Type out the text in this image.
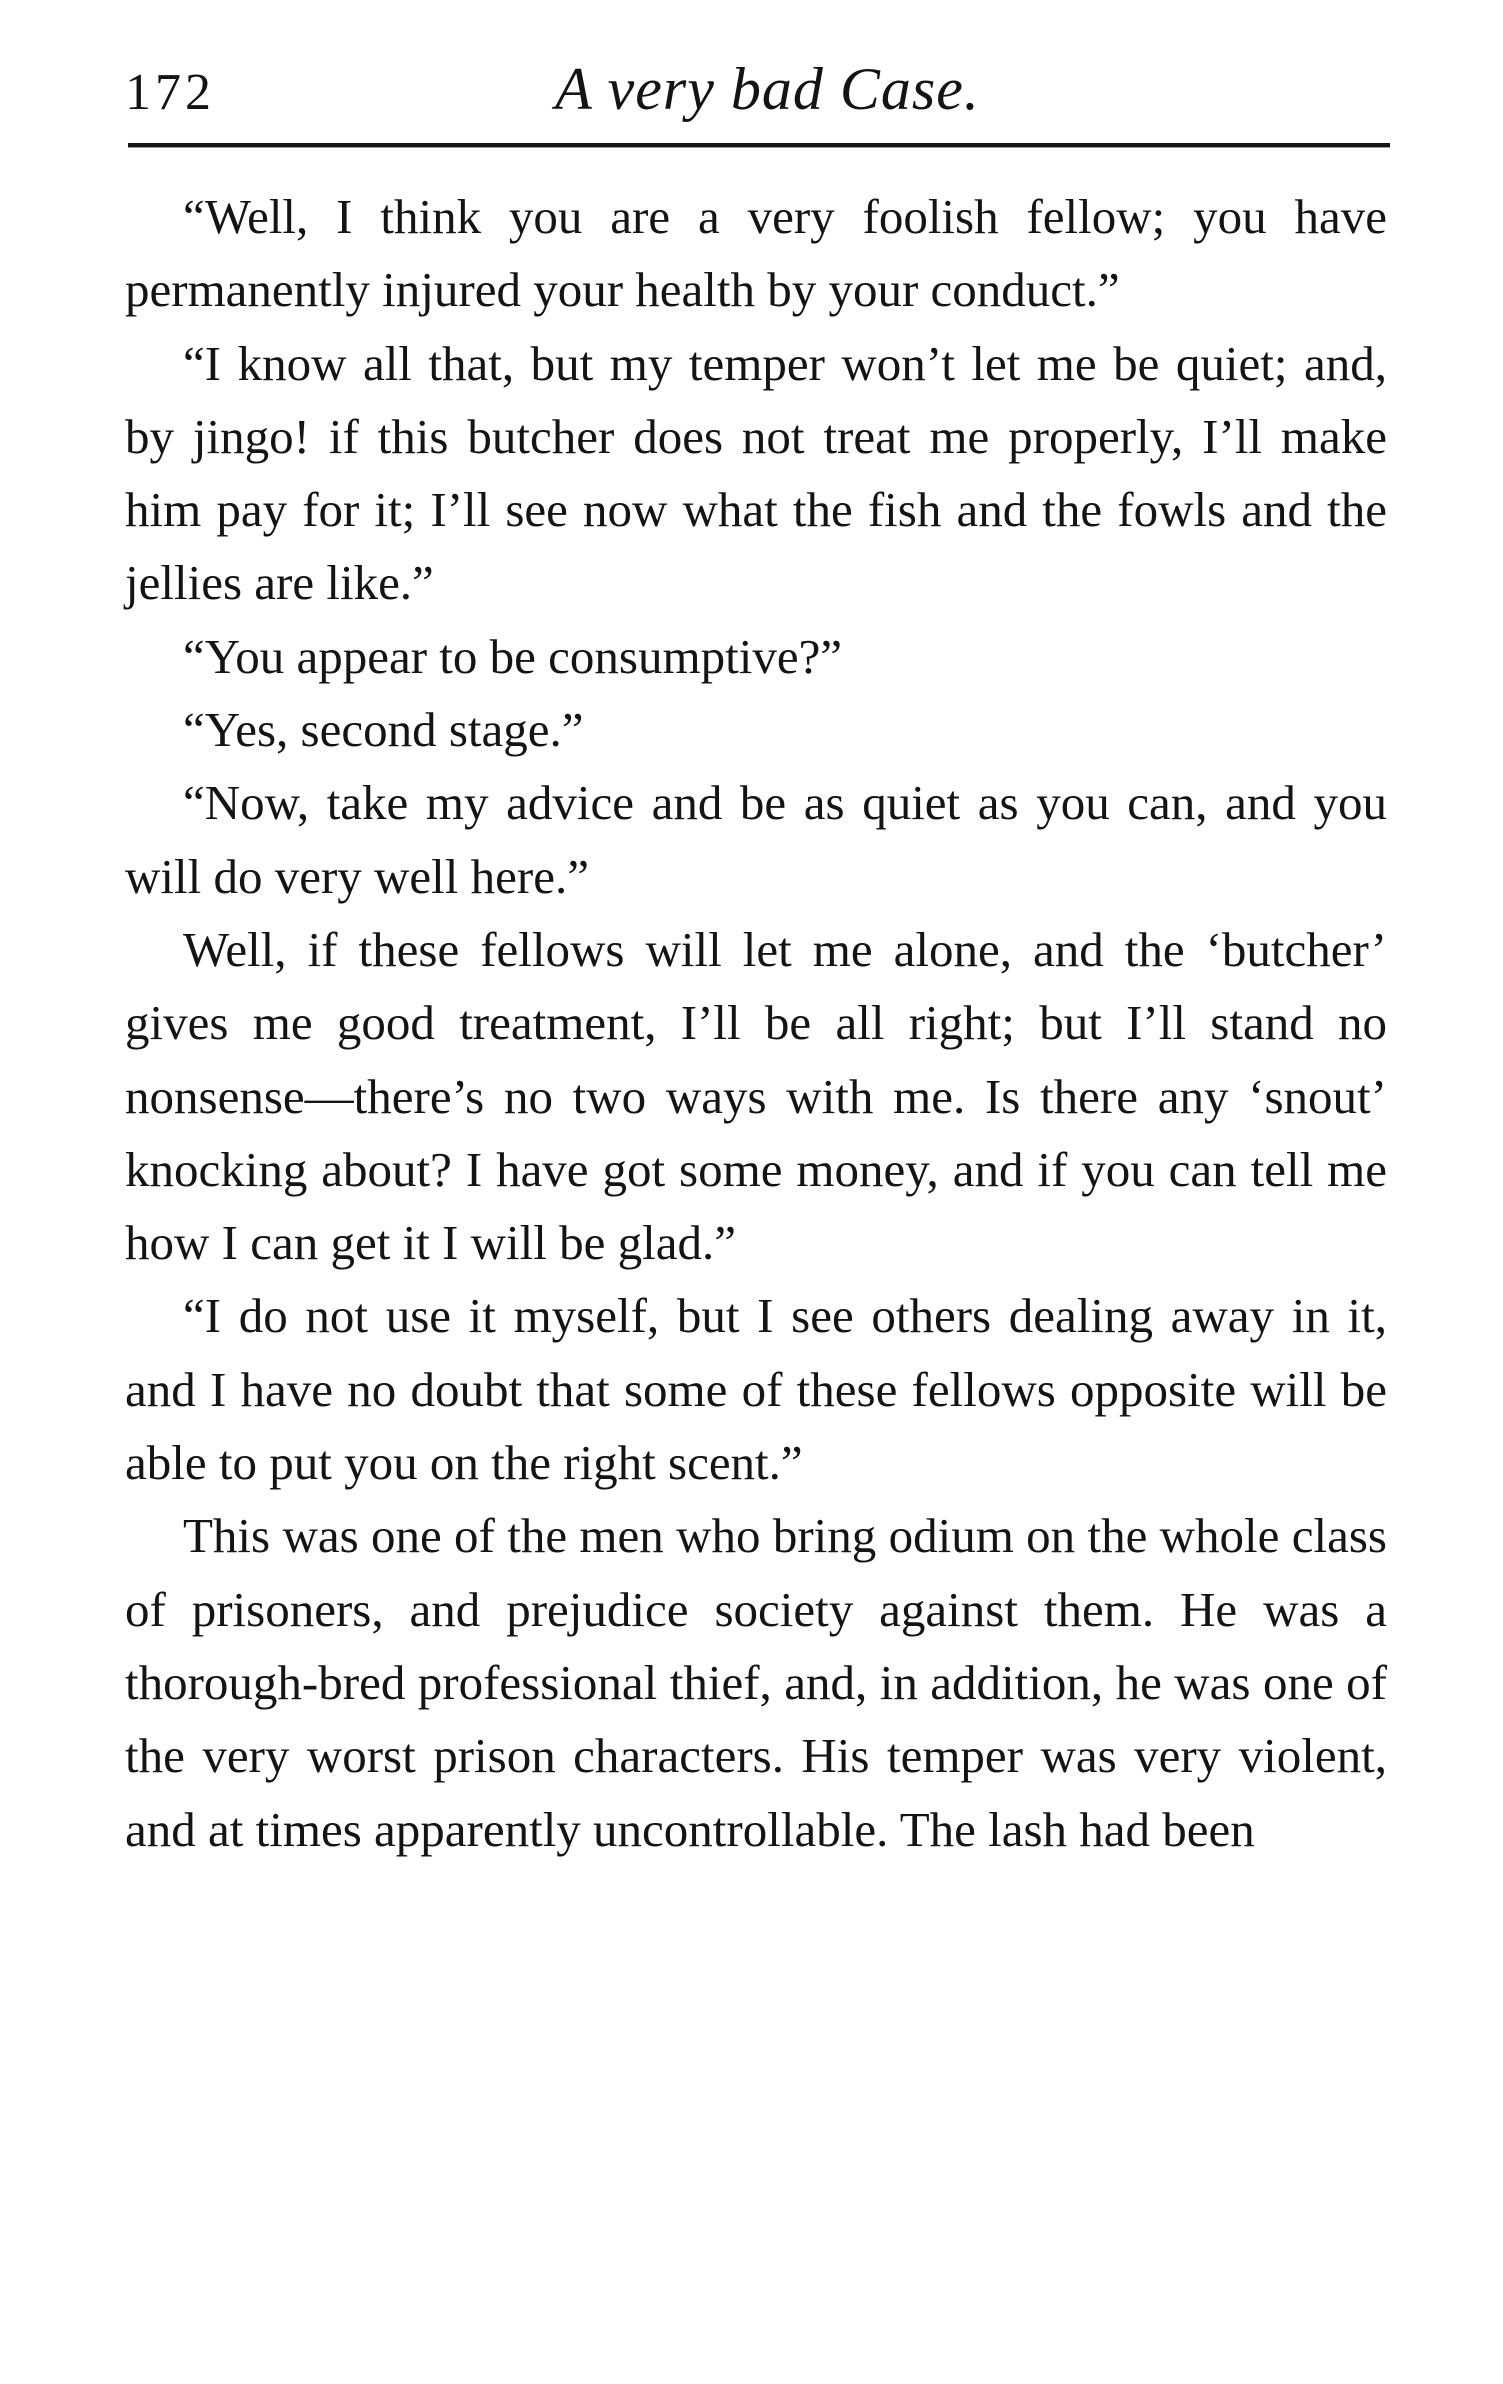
172	A very bad Case.

“Well, I think you are a very foolish fellow; you have permanently injured your health by your conduct.”

“I know all that, but my temper won’t let me be quiet; and, by jingo! if this butcher does not treat me properly, I’ll make him pay for it; I’ll see now what the fish and the fowls and the jellies are like.”

“You appear to be consumptive?”

“Yes, second stage.”

“Now, take my advice and be as quiet as you can, and you will do very well here.”

Well, if these fellows will let me alone, and the ‘butcher’ gives me good treatment, I’ll be all right; but I’ll stand no nonsense—there’s no two ways with me. Is there any ‘snout’ knocking about? I have got some money, and if you can tell me how I can get it I will be glad.”

“I do not use it myself, but I see others dealing away in it, and I have no doubt that some of these fellows opposite will be able to put you on the right scent.”

This was one of the men who bring odium on the whole class of prisoners, and prejudice society against them. He was a thorough-bred professional thief, and, in addition, he was one of the very worst prison characters. His temper was very violent, and at times apparently uncontrollable. The lash had been
